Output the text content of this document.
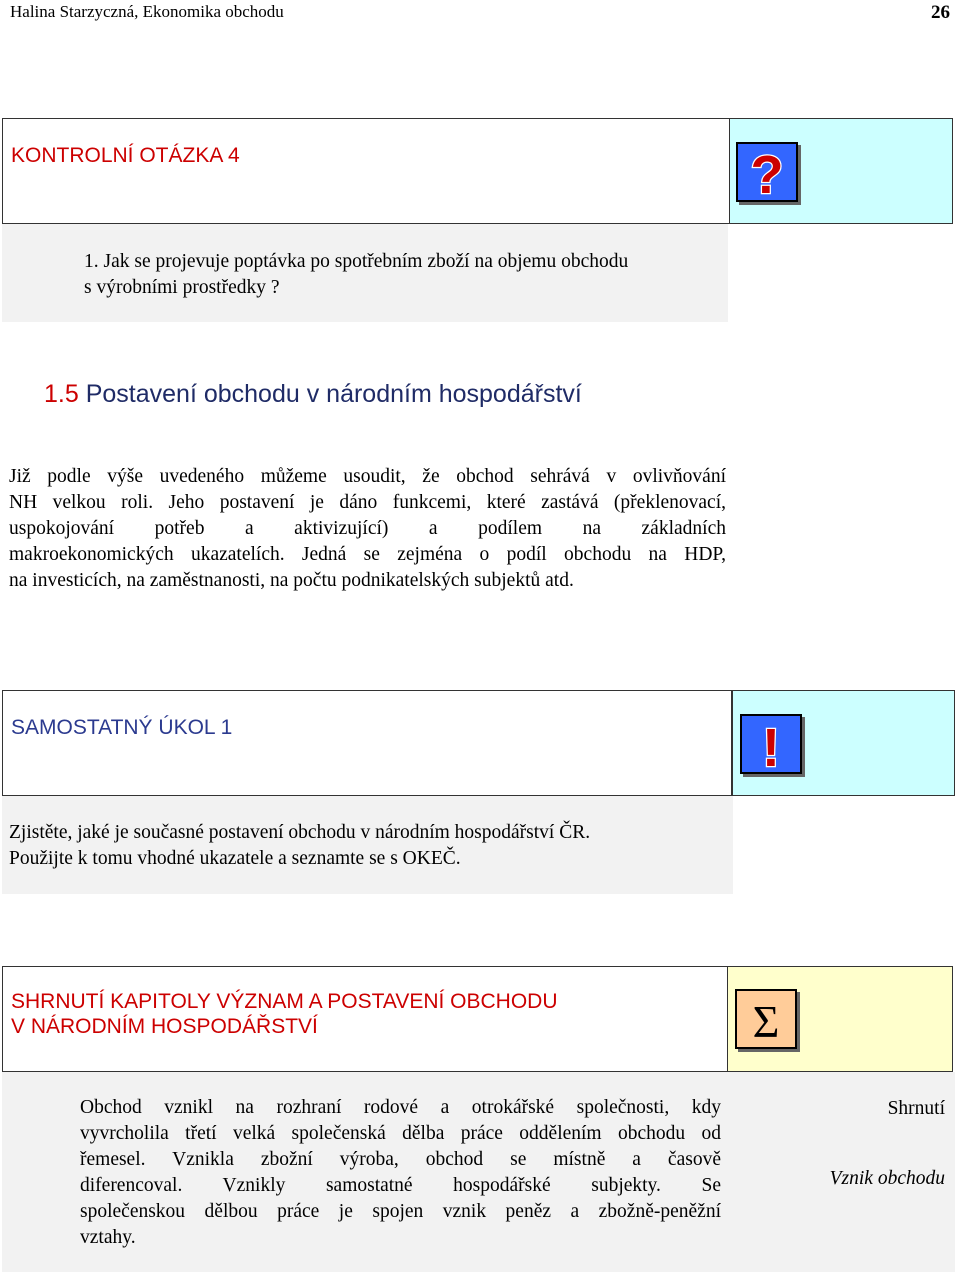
Halina Starzyczná, Ekonomika obchodu	26
KONTROLNÍ OTÁZKA 4	?
1. Jak se projevuje poptávka po spotřebním zboží na objemu obchodu
s výrobními prostředky ?
1.5 Postavení obchodu v národním hospodářství
Již podle výše uvedeného můžeme usoudit, že obchod sehrává v ovlivňování
NH velkou roli. Jeho postavení je dáno funkcemi, které zastává (překlenovací,
uspokojování potřeb a aktivizující) a podílem na základních
makroekonomických ukazatelích. Jedná se zejména o podíl obchodu na HDP,
na investicích, na zaměstnanosti, na počtu podnikatelských subjektů atd.
SAMOSTATNÝ ÚKOL 1	!
Zjistěte, jaké je současné postavení obchodu v národním hospodářství ČR.
Použijte k tomu vhodné ukazatele a seznamte se s OKEČ.
SHRNUTÍ KAPITOLY VÝZNAM A POSTAVENÍ OBCHODU
V NÁRODNÍM HOSPODÁŘSTVÍ	Σ
Obchod vznikl na rozhraní rodové a otrokářské společnosti, kdy
vyvrcholila třetí velká společenská dělba práce oddělením obchodu od
řemesel. Vznikla zbožní výroba, obchod se místně a časově
diferencoval. Vznikly samostatné hospodářské subjekty. Se
společenskou dělbou práce je spojen vznik peněz a zbožně-peněžní
vztahy.
Shrnutí
Vznik obchodu
